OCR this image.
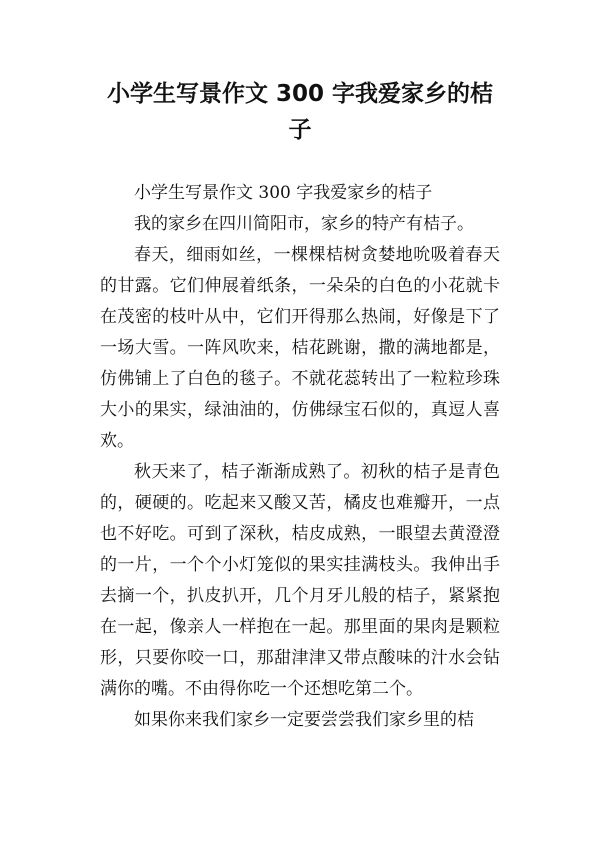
小学生写景作文 300 字我爱家乡的桔子

小学生写景作文 300 字我爱家乡的桔子

我的家乡在四川简阳市，家乡的特产有桔子。

春天，细雨如丝，一棵棵桔树贪婪地吮吸着春天的甘露。它们伸展着纸条，一朵朵的白色的小花就卡在茂密的枝叶从中，它们开得那么热闹，好像是下了一场大雪。一阵风吹来，桔花跳谢，撒的满地都是，仿佛铺上了白色的毯子。不就花蕊转出了一粒粒珍珠大小的果实，绿油油的，仿佛绿宝石似的，真逗人喜欢。

秋天来了，桔子渐渐成熟了。初秋的桔子是青色的，硬硬的。吃起来又酸又苦，橘皮也难瓣开，一点也不好吃。可到了深秋，桔皮成熟，一眼望去黄澄澄的一片，一个个小灯笼似的果实挂满枝头。我伸出手去摘一个，扒皮扒开，几个月牙儿般的桔子，紧紧抱在一起，像亲人一样抱在一起。那里面的果肉是颗粒形，只要你咬一口，那甜津津又带点酸味的汁水会钻满你的嘴。不由得你吃一个还想吃第二个。

如果你来我们家乡一定要尝尝我们家乡里的桔
